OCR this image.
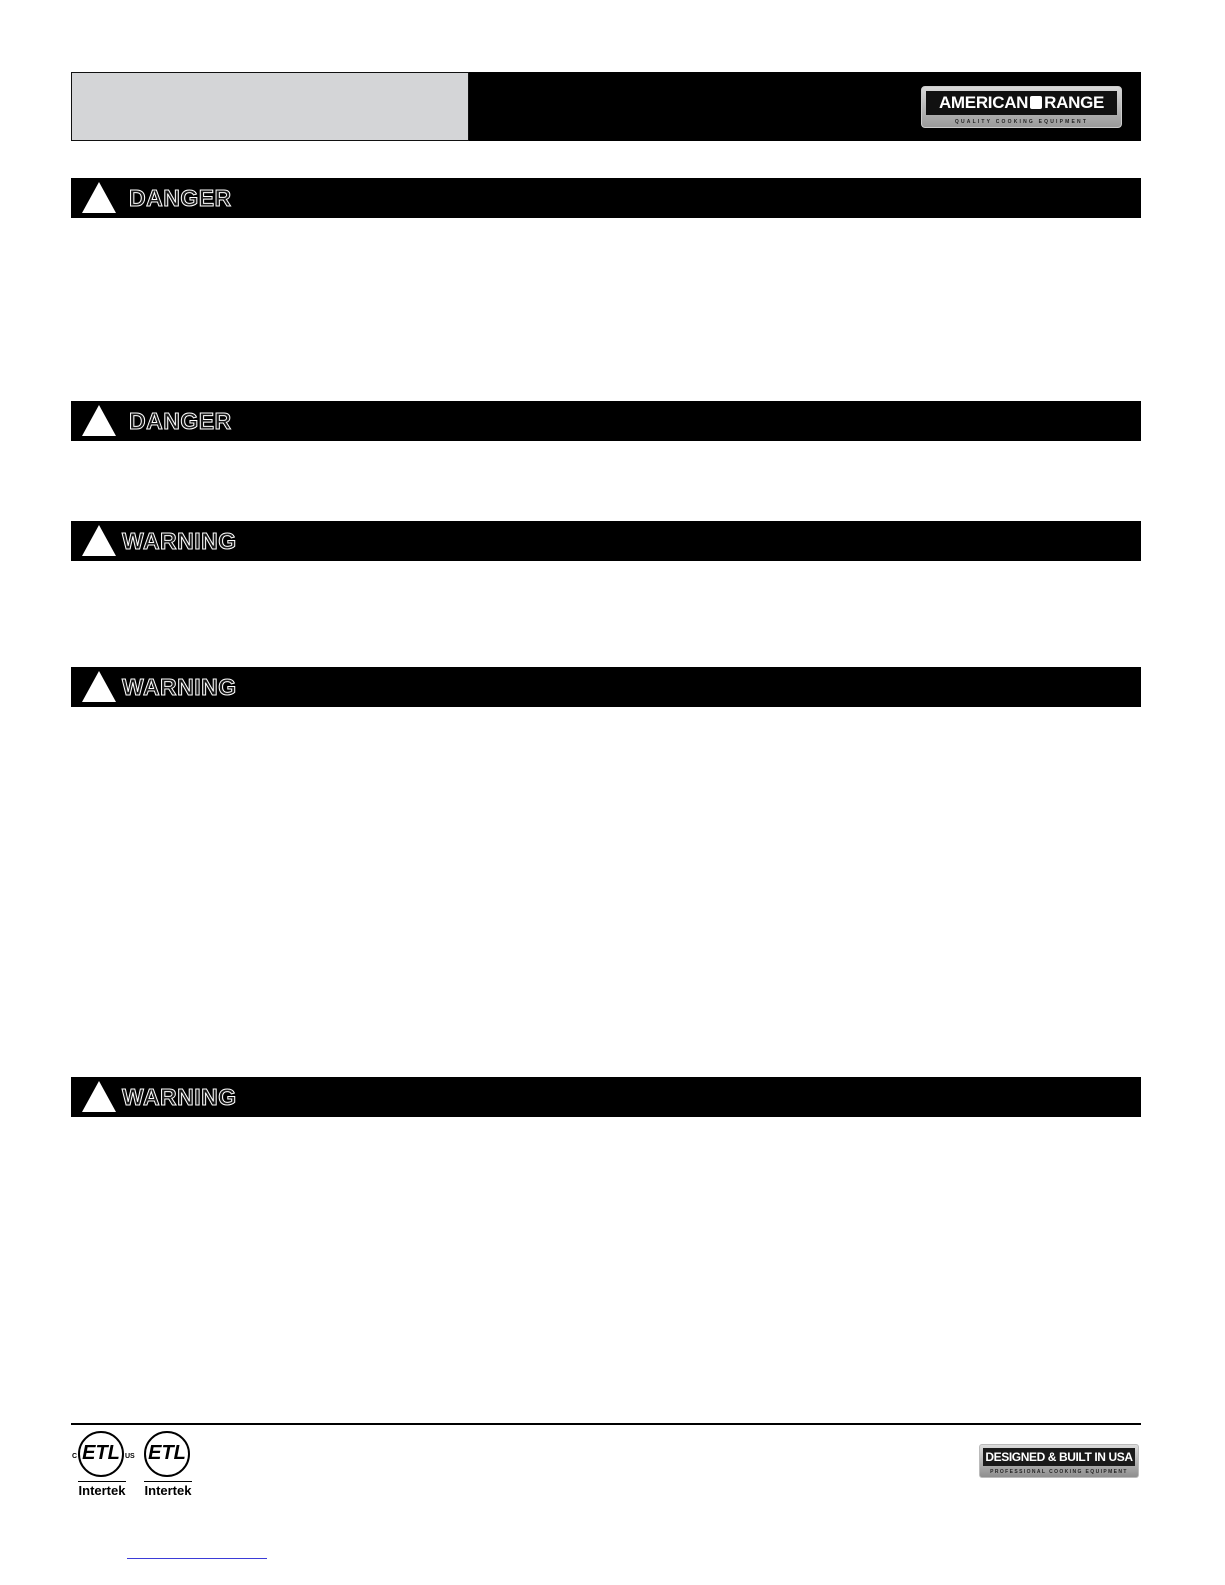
AMERICAN RANGE
QUALITY COOKING EQUIPMENT
DANGER
DANGER
WARNING
WARNING
WARNING
ETL
C	US
Intertek
ETL
Intertek
DESIGNED & BUILT IN USA
PROFESSIONAL COOKING EQUIPMENT
